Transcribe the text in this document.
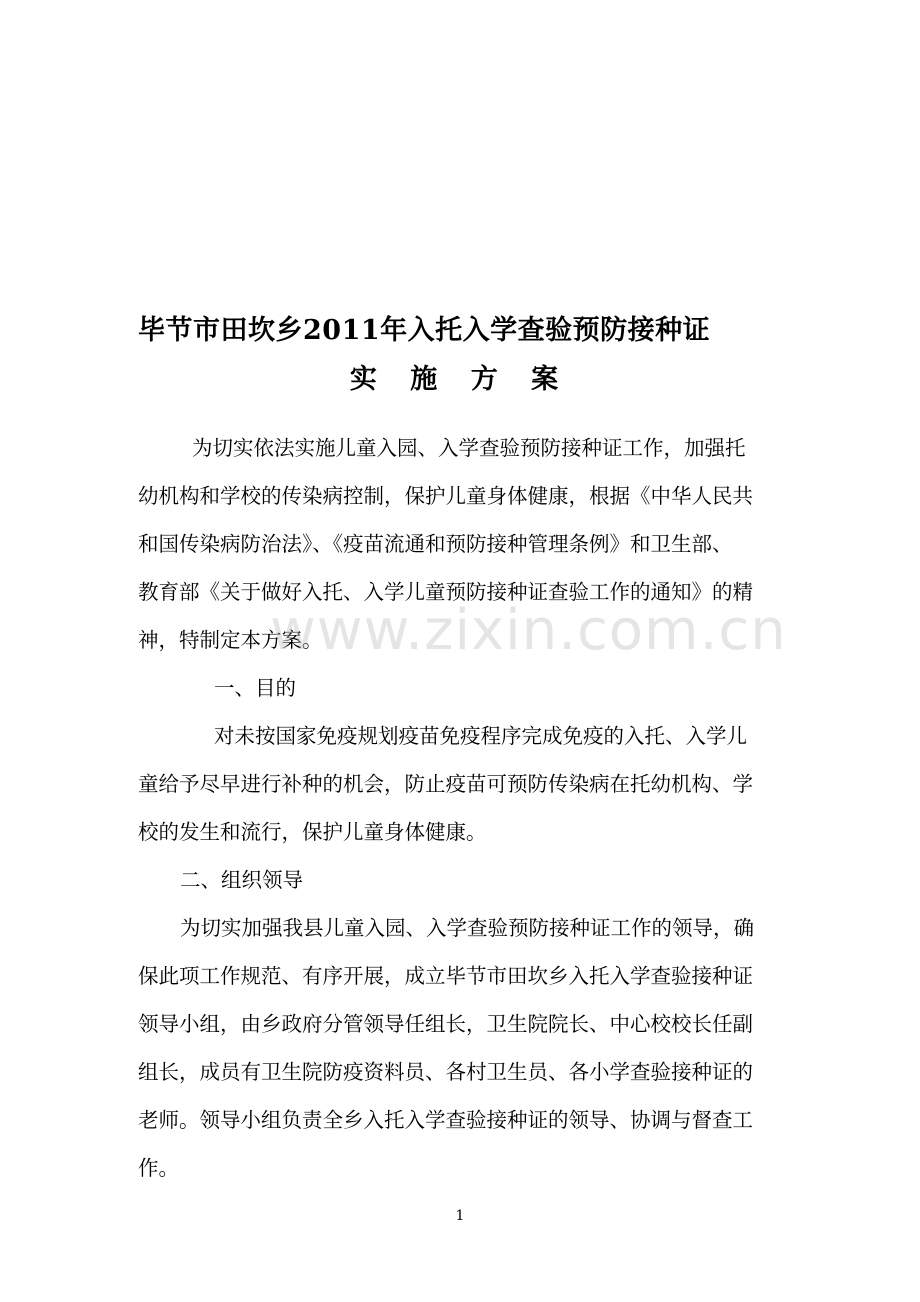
毕节市田坎乡2011年入托入学查验预防接种证
实 施 方 案
为切实依法实施儿童入园、入学查验预防接种证工作，加强托
幼机构和学校的传染病控制，保护儿童身体健康，根据《中华人民共
和国传染病防治法》、《疫苗流通和预防接种管理条例》和卫生部、
教育部《关于做好入托、入学儿童预防接种证查验工作的通知》的精
神，特制定本方案。
一、目的
对未按国家免疫规划疫苗免疫程序完成免疫的入托、入学儿
童给予尽早进行补种的机会，防止疫苗可预防传染病在托幼机构、学
校的发生和流行，保护儿童身体健康。
二、组织领导
为切实加强我县儿童入园、入学查验预防接种证工作的领导，确
保此项工作规范、有序开展，成立毕节市田坎乡入托入学查验接种证
领导小组，由乡政府分管领导任组长，卫生院院长、中心校校长任副
组长，成员有卫生院防疫资料员、各村卫生员、各小学查验接种证的
老师。领导小组负责全乡入托入学查验接种证的领导、协调与督查工
作。
www.zixin.com.cn
1
